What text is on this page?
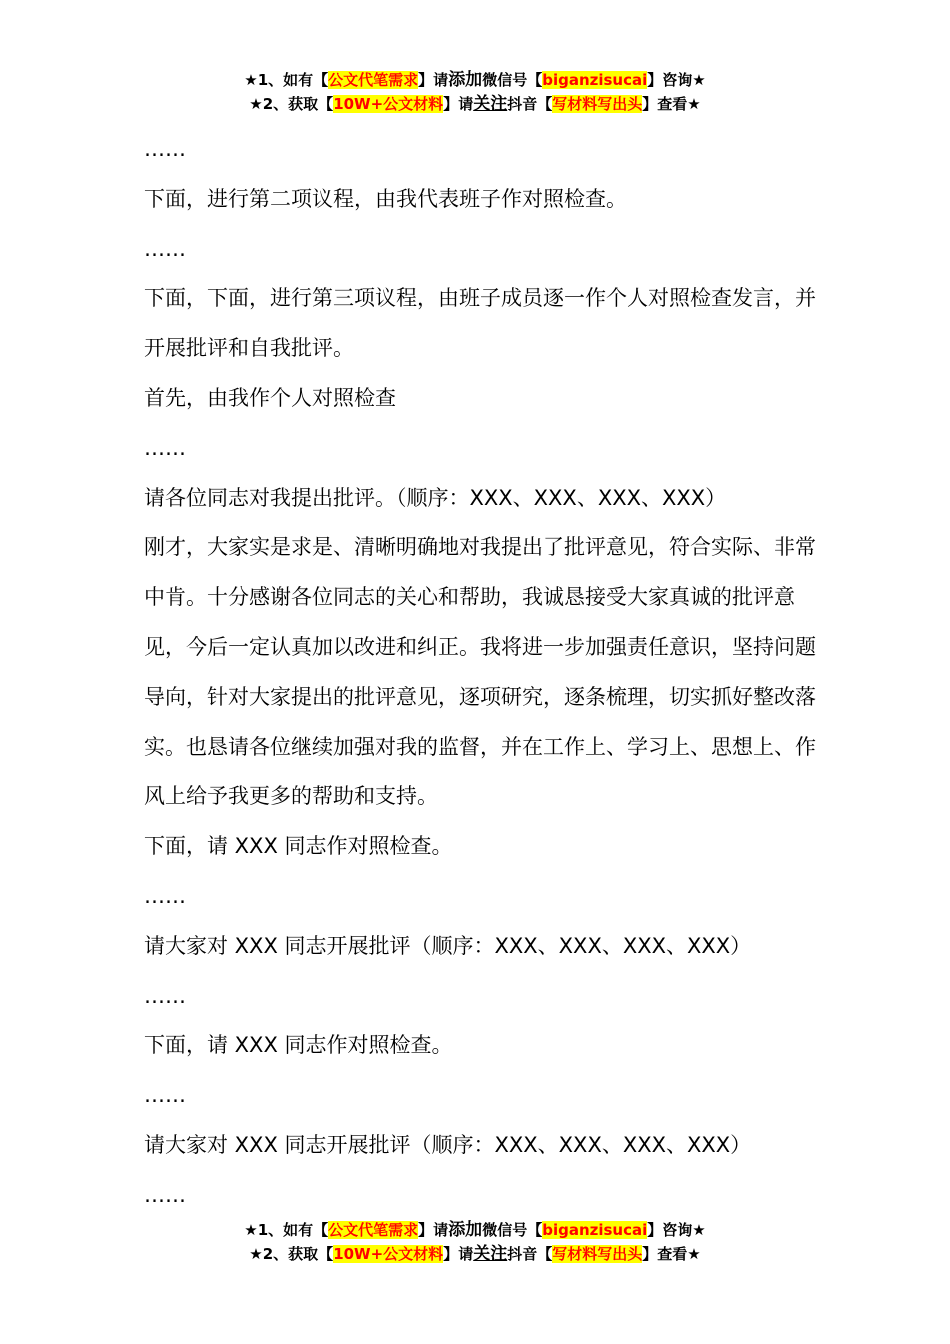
★1、如有【公文代笔需求】请添加微信号【biganzisucai】咨询★
★2、获取【10W+公文材料】请关注抖音【写材料写出头】查看★

……

下面，进行第二项议程，由我代表班子作对照检查。

……

下面，下面，进行第三项议程，由班子成员逐一作个人对照检查发言，并开展批评和自我批评。

首先，由我作个人对照检查

……

请各位同志对我提出批评。（顺序：XXX、XXX、XXX、XXX）

刚才，大家实是求是、清晰明确地对我提出了批评意见，符合实际、非常中肯。十分感谢各位同志的关心和帮助，我诚恳接受大家真诚的批评意见，今后一定认真加以改进和纠正。我将进一步加强责任意识，坚持问题导向，针对大家提出的批评意见，逐项研究，逐条梳理，切实抓好整改落实。也恳请各位继续加强对我的监督，并在工作上、学习上、思想上、作风上给予我更多的帮助和支持。

下面，请 XXX 同志作对照检查。

……

请大家对 XXX 同志开展批评（顺序：XXX、XXX、XXX、XXX）

……

下面，请 XXX 同志作对照检查。

……

请大家对 XXX 同志开展批评（顺序：XXX、XXX、XXX、XXX）

……

★1、如有【公文代笔需求】请添加微信号【biganzisucai】咨询★
★2、获取【10W+公文材料】请关注抖音【写材料写出头】查看★
